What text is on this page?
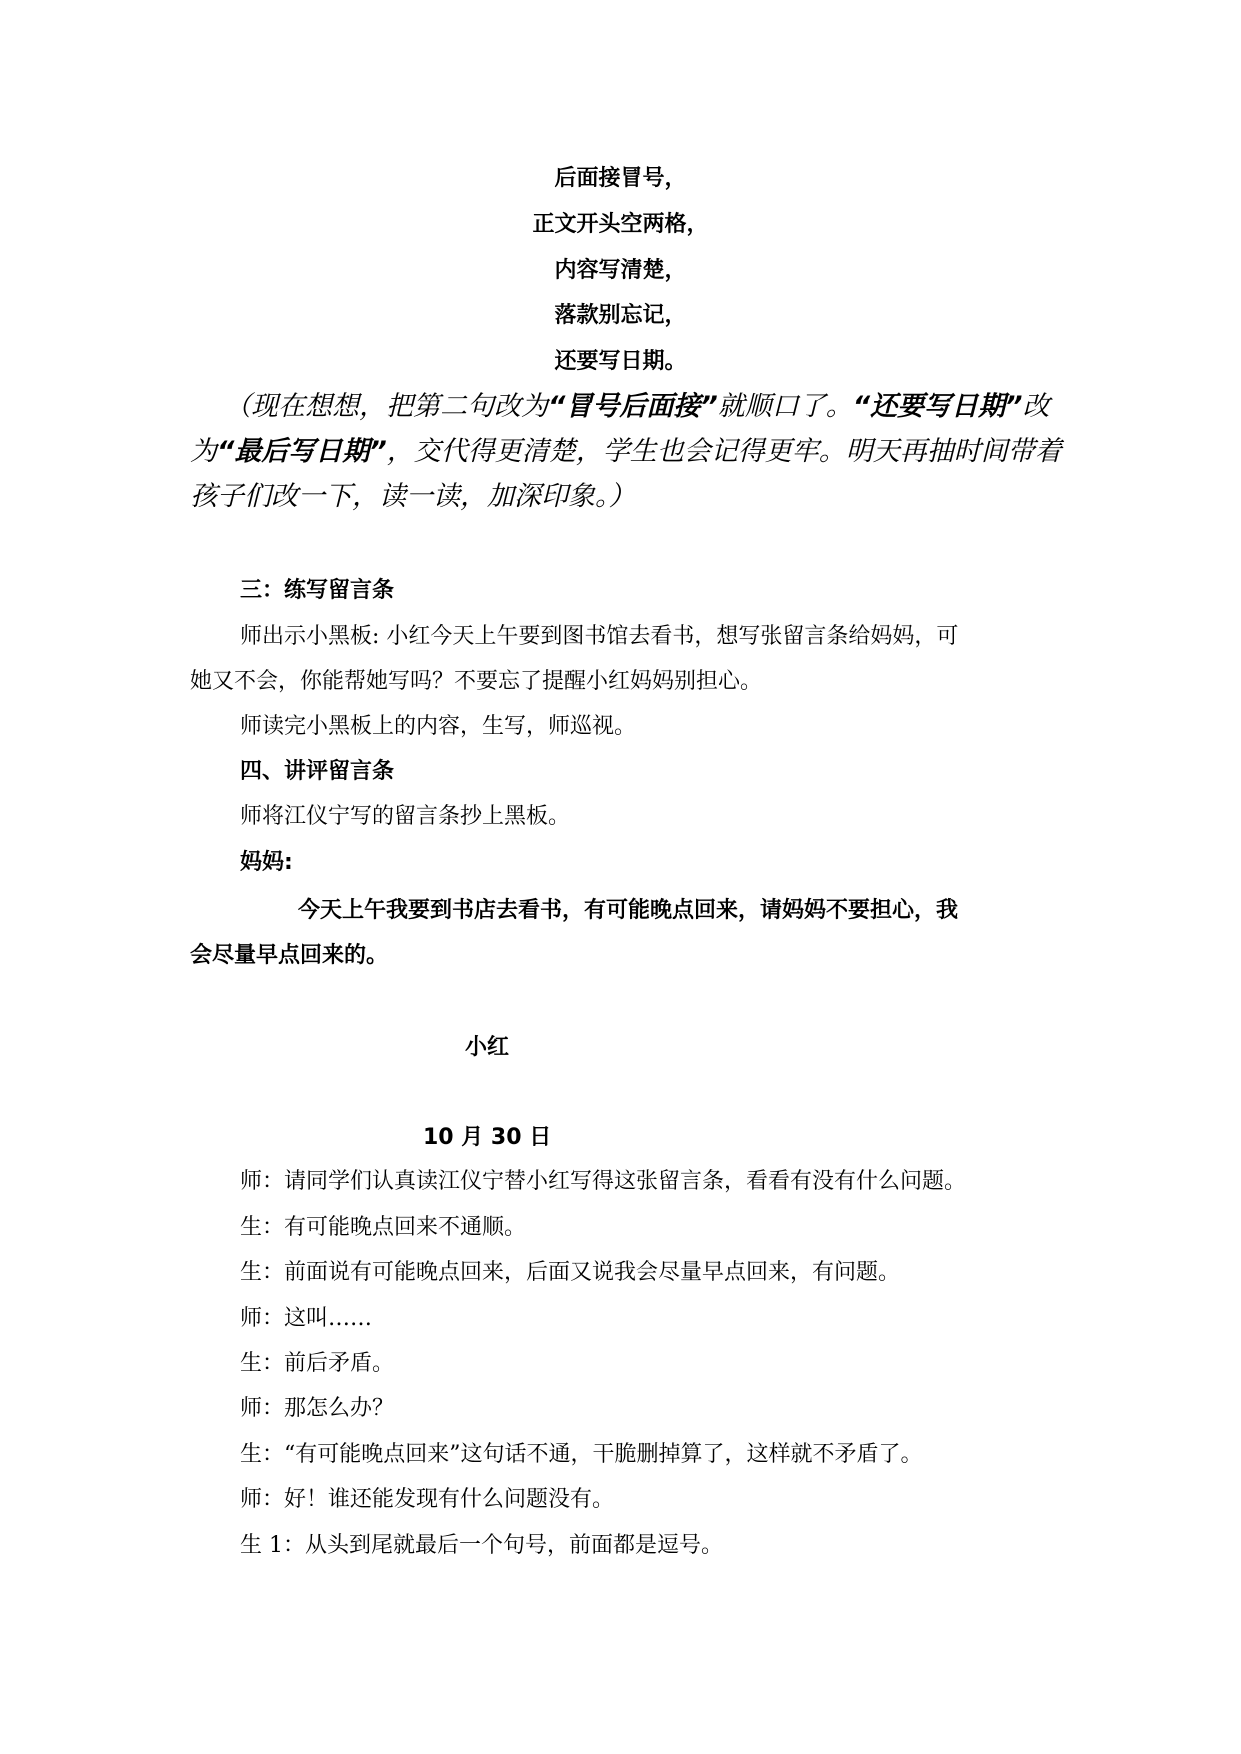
后面接冒号，
正文开头空两格，
内容写清楚，
落款别忘记，
还要写日期。
（现在想想，把第二句改为“冒号后面接”就顺口了。“还要写日期”改为“最后写日期”，交代得更清楚，学生也会记得更牢。明天再抽时间带着孩子们改一下，读一读，加深印象。）
三：练写留言条
师出示小黑板: 小红今天上午要到图书馆去看书，想写张留言条给妈妈，可
她又不会，你能帮她写吗？不要忘了提醒小红妈妈别担心。
师读完小黑板上的内容，生写，师巡视。
四、讲评留言条
师将江仪宁写的留言条抄上黑板。
妈妈:
今天上午我要到书店去看书，有可能晚点回来，请妈妈不要担心，我
会尽量早点回来的。
小红
10 月 30 日
师：请同学们认真读江仪宁替小红写得这张留言条，看看有没有什么问题。
生：有可能晚点回来不通顺。
生：前面说有可能晚点回来，后面又说我会尽量早点回来，有问题。
师：这叫……
生：前后矛盾。
师：那怎么办？
生：“有可能晚点回来”这句话不通，干脆删掉算了，这样就不矛盾了。
师：好！谁还能发现有什么问题没有。
生 1：从头到尾就最后一个句号，前面都是逗号。
